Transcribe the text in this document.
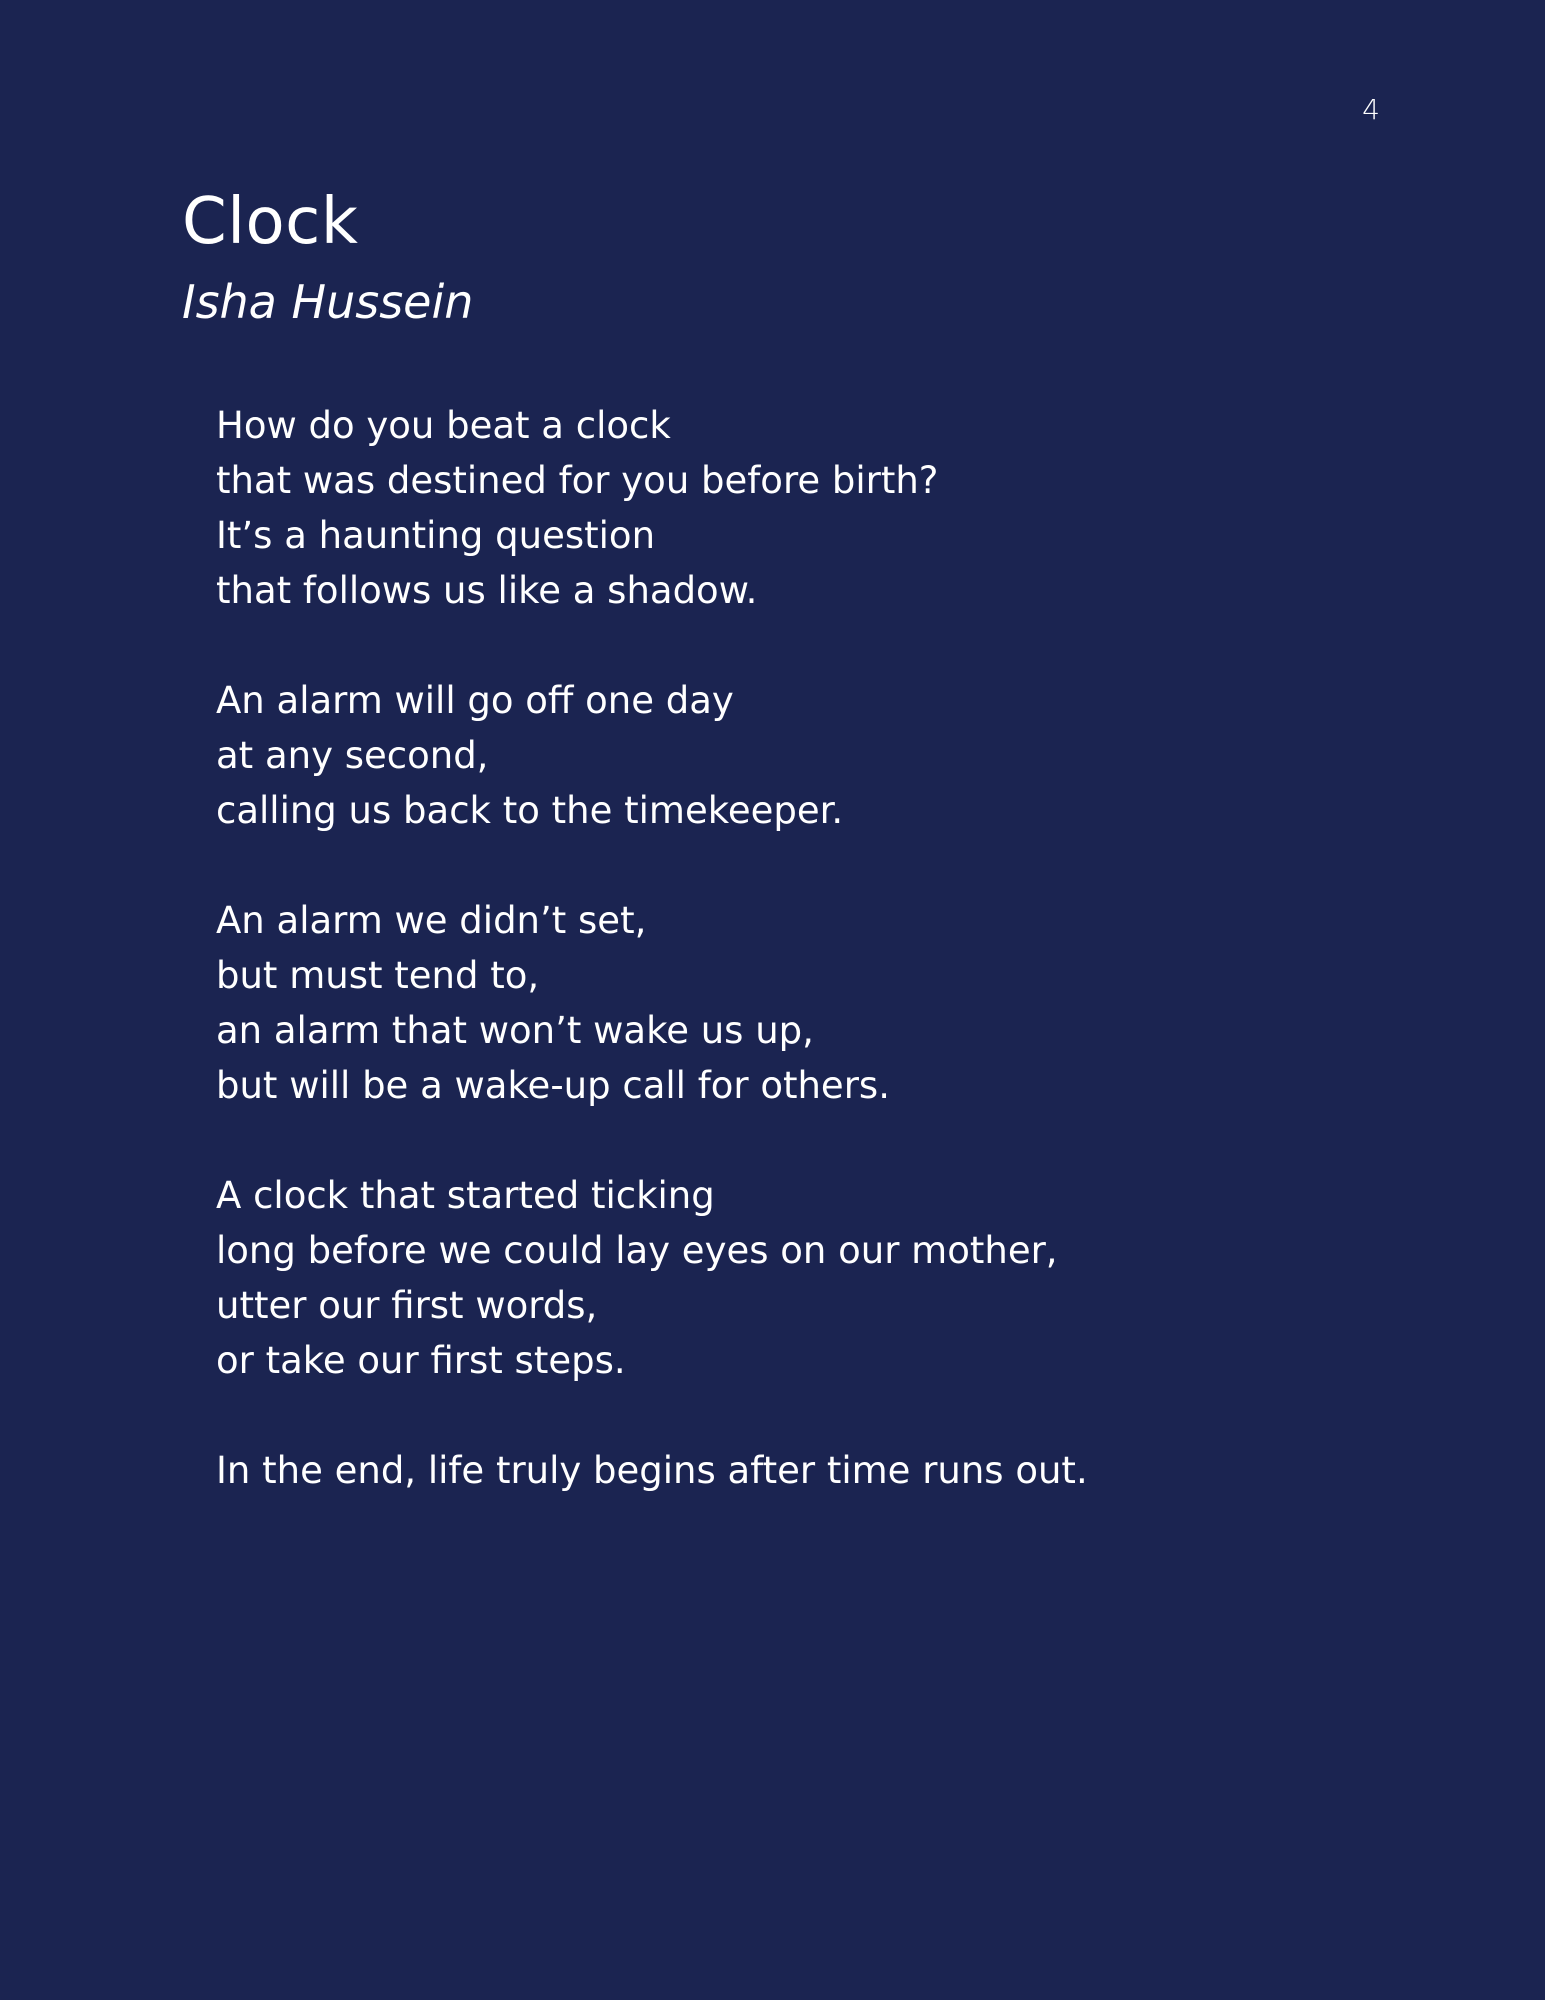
4
Clock
Isha Hussein

How do you beat a clock
that was destined for you before birth?
It’s a haunting question
that follows us like a shadow.

An alarm will go off one day
at any second,
calling us back to the timekeeper.

An alarm we didn’t set,
but must tend to,
an alarm that won’t wake us up,
but will be a wake-up call for others.

A clock that started ticking
long before we could lay eyes on our mother,
utter our first words,
or take our first steps.

In the end, life truly begins after time runs out.
